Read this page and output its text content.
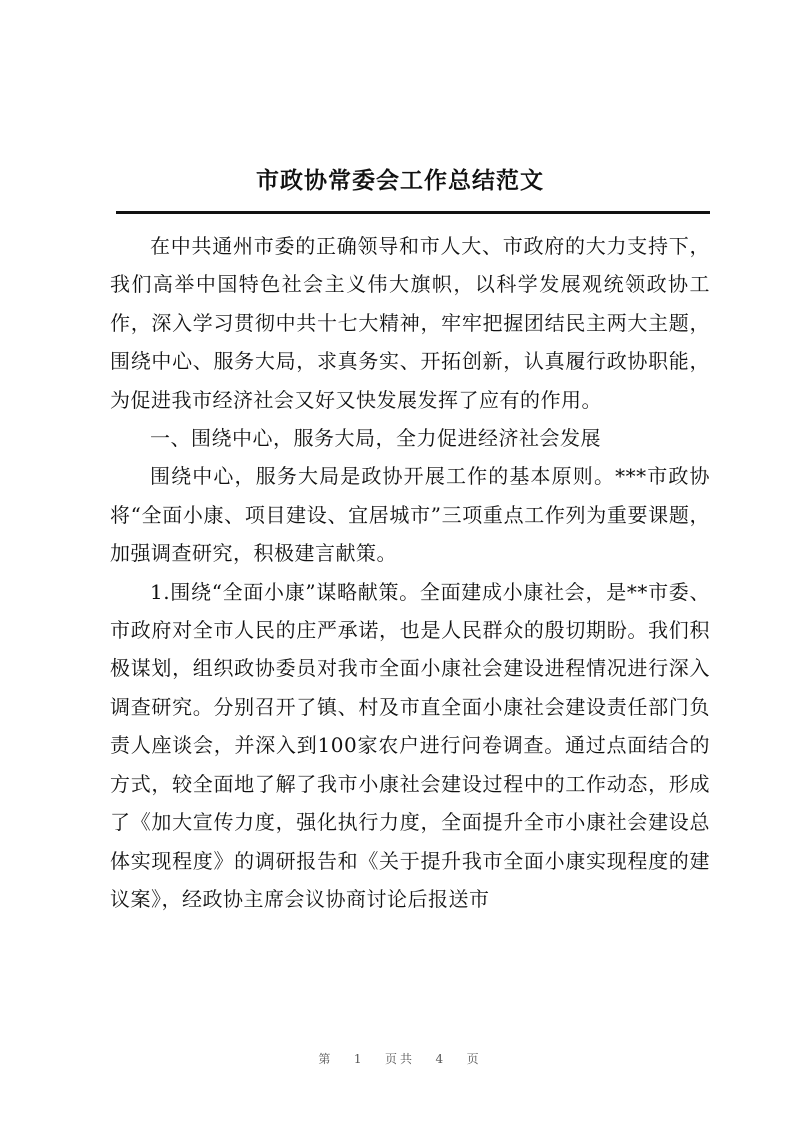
市政协常委会工作总结范文

在中共通州市委的正确领导和市人大、市政府的大力支持下，我们高举中国特色社会主义伟大旗帜，以科学发展观统领政协工作，深入学习贯彻中共十七大精神，牢牢把握团结民主两大主题，围绕中心、服务大局，求真务实、开拓创新，认真履行政协职能，为促进我市经济社会又好又快发展发挥了应有的作用。

一、围绕中心，服务大局，全力促进经济社会发展

围绕中心，服务大局是政协开展工作的基本原则。***市政协将“全面小康、项目建设、宜居城市”三项重点工作列为重要课题，加强调查研究，积极建言献策。

1.围绕“全面小康”谋略献策。全面建成小康社会，是**市委、市政府对全市人民的庄严承诺，也是人民群众的殷切期盼。我们积极谋划，组织政协委员对我市全面小康社会建设进程情况进行深入调查研究。分别召开了镇、村及市直全面小康社会建设责任部门负责人座谈会，并深入到100家农户进行问卷调查。通过点面结合的方式，较全面地了解了我市小康社会建设过程中的工作动态，形成了《加大宣传力度，强化执行力度，全面提升全市小康社会建设总体实现程度》的调研报告和《关于提升我市全面小康实现程度的建议案》，经政协主席会议协商讨论后报送市

第 1 页共 4 页
